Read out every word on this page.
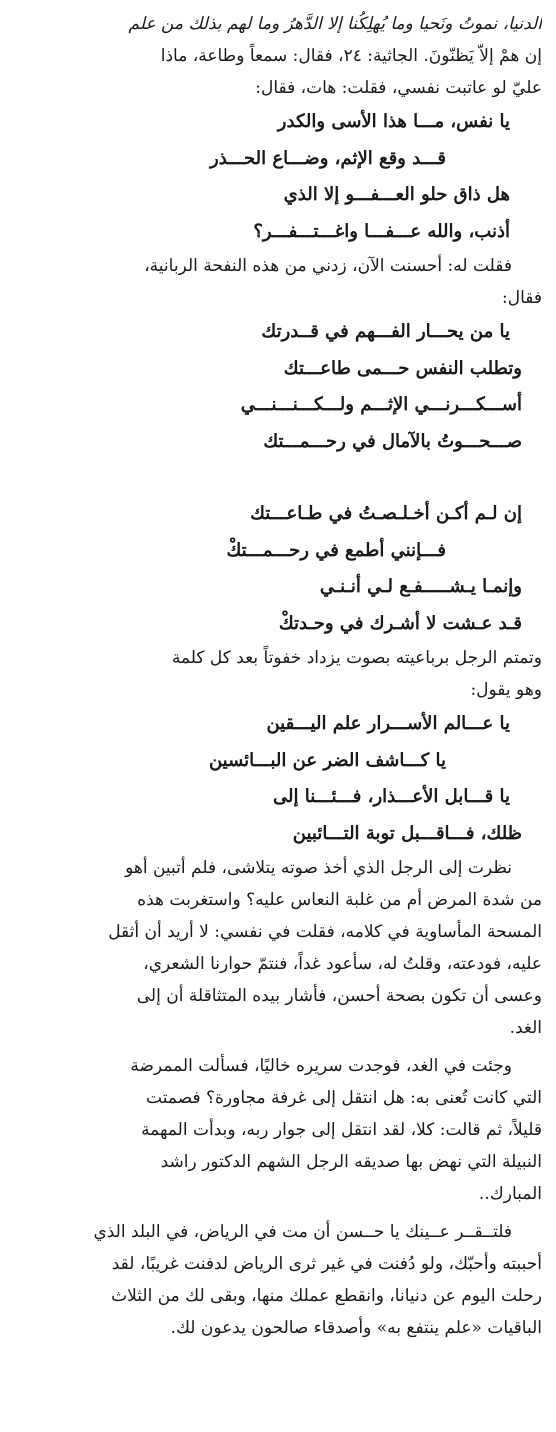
الدنيا، نموتُ ونَحيا وما يُهلِكُنا إلا الدَّهرُ وما لهم بذلك من علم
إن همْ إلاّ يَظنّونَ. الجاثية: ٢٤، فقال: سمعاً وطاعة، ماذا
عليّ لو عاتبت نفسي، فقلت: هات، فقال:
يا نفس، مـــا هذا الأسى والكدر
قـــد وقع الإثم، وضـــاع الحـــذر
هل ذاق حلو العـــفـــو إلا الذي
أذنب، والله عـــفـــا واغـــتـــفـــر؟
فقلت له: أحسنت الآن، زدني من هذه النفحة الربانية،
فقال:
يا من يحـــار الفـــهم في قــدرتك
وتطلب النفس حـــمى طاعـــتك
أســـكـــرنـــي الإثـــم ولـــكـــنـــنـــي
صـــحـــوتُ بالآمال في رحـــمـــتك
إن لـم أكـن أخـلـصـتُ في طـاعـــتك
فـــإنني أطمع في رحـــمـــتكْ
وإنمـا يـشـــــفـع لـي أنـنـي
قـد عـشت لا أشـرك في وحـدتكْ
وتمتم الرجل برباعيته بصوت يزداد خفوتاً بعد كل كلمة
وهو يقول:
يا عـــالم الأســـرار علم اليـــقين
يا كـــاشف الضر عن البـــائسين
يا قـــابل الأعـــذار، فـــئـــنا إلى
ظلك، فـــاقـــبل توبة التـــائبين
نظرت إلى الرجل الذي أخذ صوته يتلاشى، فلم أتبين أهو
من شدة المرض أم من غلبة النعاس عليه؟ واستغربت هذه
المسحة المأساوية في كلامه، فقلت في نفسي: لا أريد أن أثقل
عليه، فودعته، وقلتُ له، سأعود غداً، فنتمّ حوارنا الشعري،
وعسى أن تكون بصحة أحسن، فأشار بيده المتثاقلة أن إلى
الغد.
وجئت في الغد، فوجدت سريره خاليًا، فسألت الممرضة
التي كانت تُعنى به: هل انتقل إلى غرفة مجاورة؟ فصمتت
قليلاً، ثم قالت: كلا، لقد انتقل إلى جوار ربه، وبدأت المهمة
النبيلة التي نهض بها صديقه الرجل الشهم الدكتور راشد
المبارك..
فلتــقــر عــينك يا حــسن أن مت في الرياض، في البلد الذي
أحببته وأحبّك، ولو دُفنت في غير ثرى الرياض لدفنت غريبًا، لقد
رحلت اليوم عن دنيانا، وانقطع عملك منها، وبقى لك من الثلاث
الباقيات «علم ينتفع به» وأصدقاء صالحون يدعون لك.
